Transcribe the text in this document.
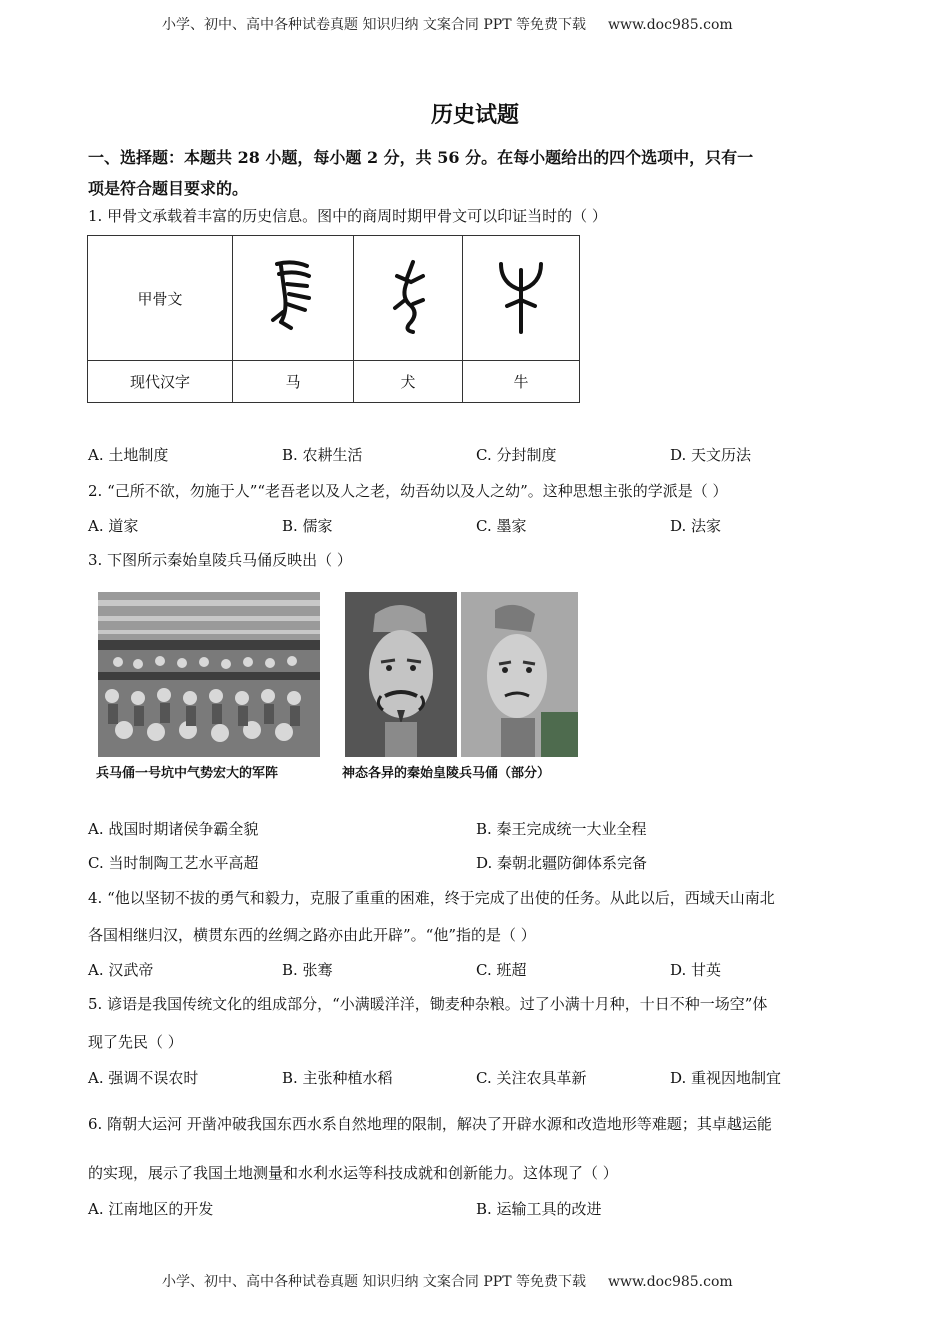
小学、初中、高中各种试卷真题 知识归纳 文案合同 PPT 等免费下载 www.doc985.com
历史试题
一、选择题：本题共 28 小题，每小题 2 分，共 56 分。在每小题给出的四个选项中，只有一
项是符合题目要求的。
1. 甲骨文承载着丰富的历史信息。图中的商周时期甲骨文可以印证当时的（ ）
甲骨文			
现代汉字	马	犬	牛
A. 土地制度	B. 农耕生活	C. 分封制度	D. 天文历法
2. “己所不欲，勿施于人”“老吾老以及人之老，幼吾幼以及人之幼”。这种思想主张的学派是（ ）
A. 道家	B. 儒家	C. 墨家	D. 法家
3. 下图所示秦始皇陵兵马俑反映出（ ）
兵马俑一号坑中气势宏大的军阵	神态各异的秦始皇陵兵马俑（部分）
A. 战国时期诸侯争霸全貌	B. 秦王完成统一大业全程
C. 当时制陶工艺水平高超	D. 秦朝北疆防御体系完备
4. “他以坚韧不拔的勇气和毅力，克服了重重的困难，终于完成了出使的任务。从此以后，西域天山南北
各国相继归汉，横贯东西的丝绸之路亦由此开辟”。“他”指的是（ ）
A. 汉武帝	B. 张骞	C. 班超	D. 甘英
5. 谚语是我国传统文化的组成部分，“小满暖洋洋，锄麦种杂粮。过了小满十月种，十日不种一场空”体
现了先民（ ）
A. 强调不误农时	B. 主张种植水稻	C. 关注农具革新	D. 重视因地制宜
6. 隋朝大运河 开凿冲破我国东西水系自然地理的限制，解决了开辟水源和改造地形等难题；其卓越运能
的实现，展示了我国土地测量和水利水运等科技成就和创新能力。这体现了（ ）
A. 江南地区的开发	B. 运输工具的改进
小学、初中、高中各种试卷真题 知识归纳 文案合同 PPT 等免费下载 www.doc985.com
